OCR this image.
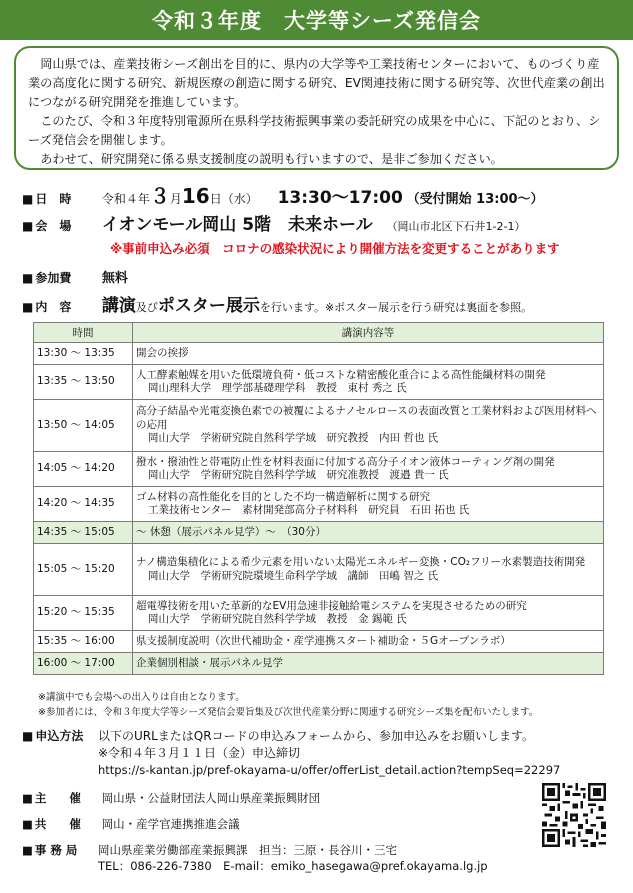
令和３年度　大学等シーズ発信会

岡山県では、産業技術シーズ創出を目的に、県内の大学等や工業技術センターにおいて、ものづくり産業の高度化に関する研究、新規医療の創造に関する研究、EV関連技術に関する研究等、次世代産業の創出につながる研究開発を推進しています。

このたび、令和３年度特別電源所在県科学技術振興事業の委託研究の成果を中心に、下記のとおり、シーズ発信会を開催します。

あわせて、研究開発に係る県支援制度の説明も行いますので、是非ご参加ください。

■ 日　時	令和４年３月16日（水） 13:30～17:00 （受付開始 13:00～）
■ 会　場 イオンモール岡山 5階　未来ホール （岡山市北区下石井1-2-1）
※事前申込み必須　コロナの感染状況により開催方法を変更することがあります
■ 参加費 無料
■ 内　容 講演及びポスター展示を行います。※ポスター展示を行う研究は裏面を参照。
時間	講演内容等
13:30 ～ 13:35	開会の挨拶
13:35 ～ 13:50	人工酵素触媒を用いた低環境負荷・低コストな精密酸化重合による高性能繊材料の開発
岡山理科大学　理学部基礎理学科　教授　東村 秀之 氏

13:50 ～ 14:05	高分子結晶や光電変換色素での被覆によるナノセルロースの表面改質と工業材料および医用材料への応用
岡山大学　学術研究院自然科学学域　研究教授　内田 哲也 氏

14:05 ～ 14:20	撥水・撥油性と帯電防止性を材料表面に付加する高分子イオン液体コーティング剤の開発
岡山大学　学術研究院自然科学学域　研究准教授　渡邉 貴一 氏

14:20 ～ 14:35	ゴム材料の高性能化を目的とした不均一構造解析に関する研究
工業技術センター　素材開発部高分子材料科　研究員　石田 拓也 氏

14:35 ～ 15:05	～ 休憩（展示パネル見学）～　（30分）
15:05 ～ 15:20	ナノ構造集積化による希少元素を用いない太陽光エネルギー変換・CO₂フリー水素製造技術開発
岡山大学　学術研究院環境生命科学学域　講師　田嶋 智之 氏

15:20 ～ 15:35	超電導技術を用いた革新的なEV用急速非接触給電システムを実現させるための研究
岡山大学　学術研究院自然科学学域　教授　金 錫範 氏

15:35 ～ 16:00	県支援制度説明（次世代補助金・産学連携スタート補助金・５Gオープンラボ）
16:00 ～ 17:00	企業個別相談・展示パネル見学
※講演中でも会場への出入りは自由となります。
※参加者には、令和３年度大学等シーズ発信会要旨集及び次世代産業分野に関連する研究シーズ集を配布いたします。
■ 申込方法 以下のURLまたはQRコードの申込みフォームから、参加申込みをお願いします。
※令和４年３月１１日（金）申込締切
https://s-kantan.jp/pref-okayama-u/offer/offerList_detail.action?tempSeq=22297
■ 主　　催 岡山県・公益財団法人岡山県産業振興財団
■ 共　　催 岡山・産学官連携推進会議
■ 事 務 局 岡山県産業労働部産業振興課　担当：三原・長谷川・三宅
TEL：086-226-7380　E-mail：emiko_hasegawa@pref.okayama.lg.jp
